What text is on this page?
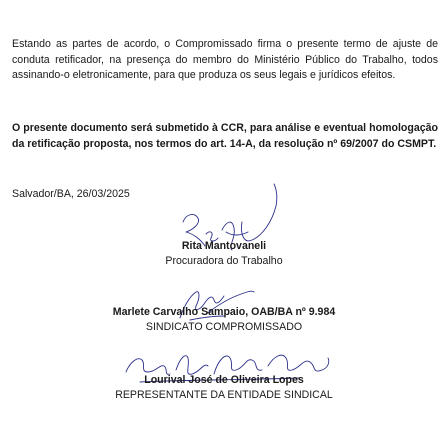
Estando as partes de acordo, o Compromissado firma o presente termo de ajuste de conduta retificador, na presença do membro do Ministério Público do Trabalho, todos assinando-o eletronicamente, para que produza os seus legais e jurídicos efeitos.

O presente documento será submetido à CCR, para análise e eventual homologação da retificação proposta, nos termos do art. 14-A, da resolução nº 69/2007 do CSMPT.

Salvador/BA, 26/03/2025
Rita Mantovaneli
Procuradora do Trabalho
Marlete Carvalho Sampaio, OAB/BA nº 9.984
SINDICATO COMPROMISSADO
Lourival José de Oliveira Lopes
REPRESENTANTE DA ENTIDADE SINDICAL
